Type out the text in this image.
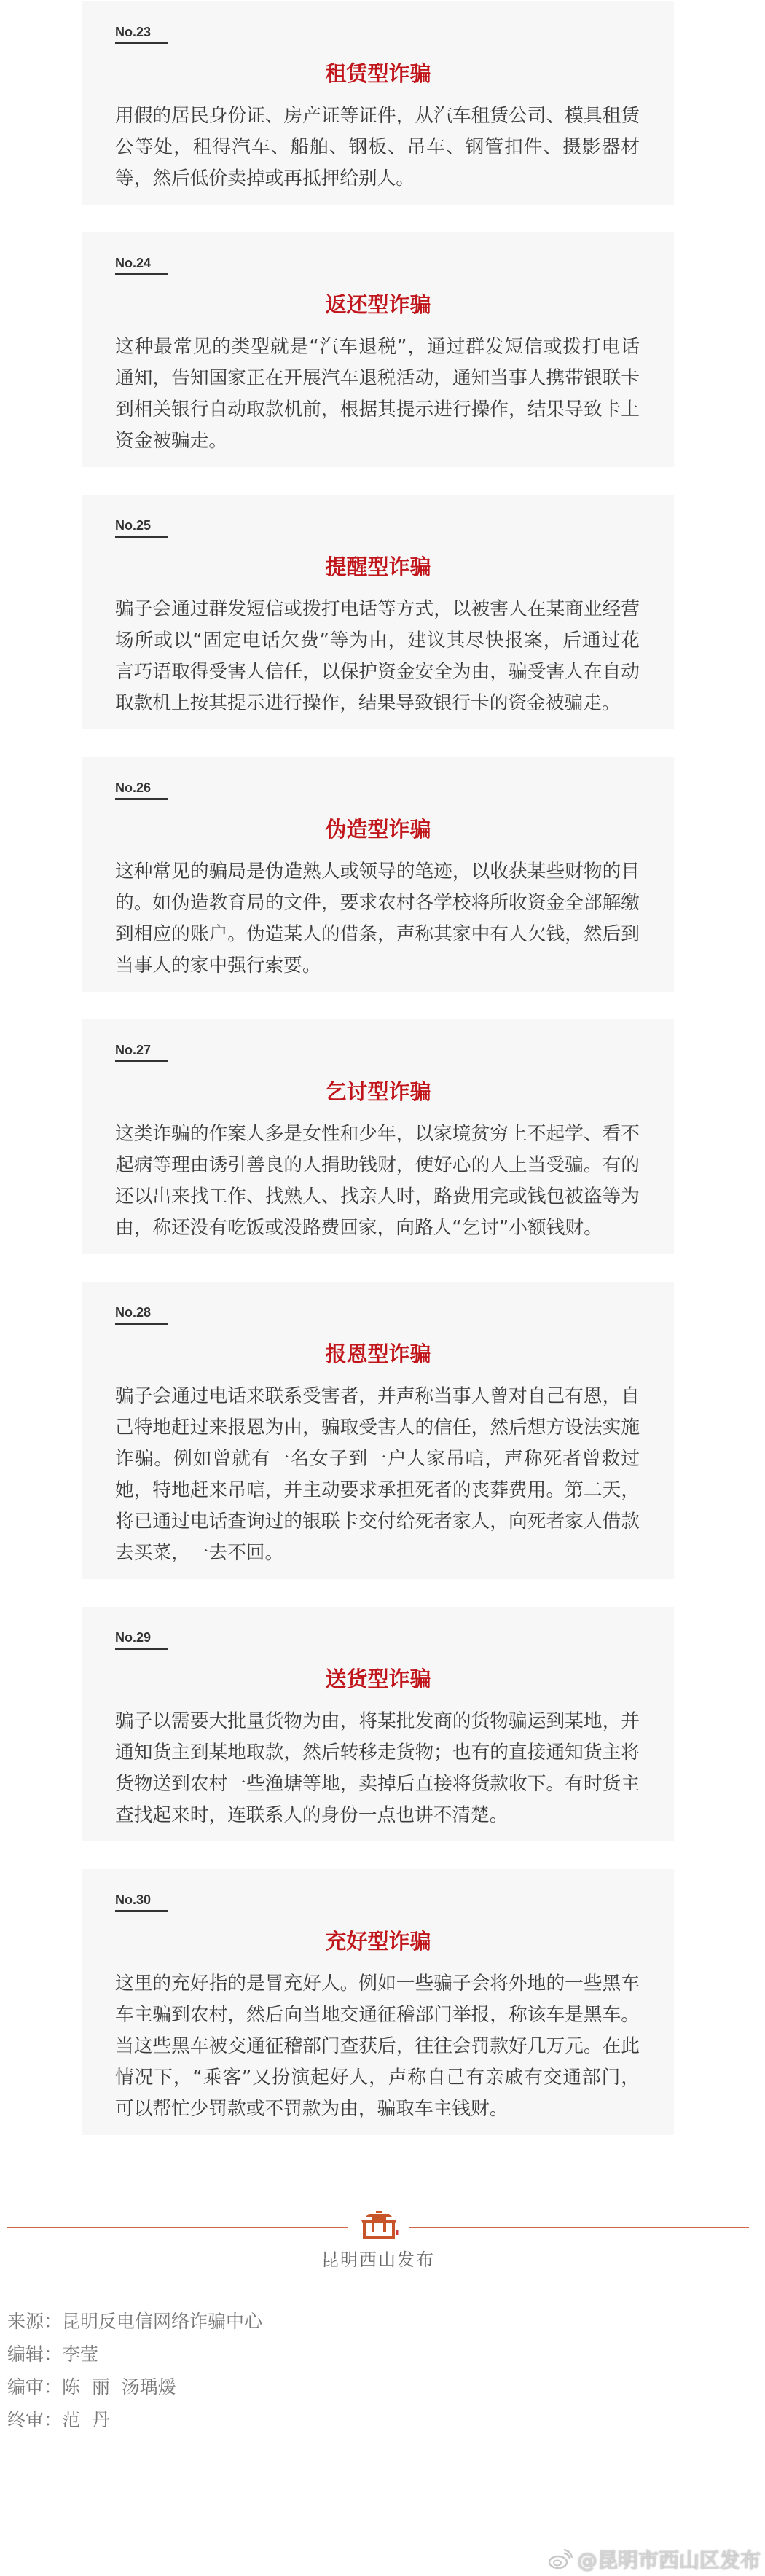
No.23
租赁型诈骗
用假的居民身份证、房产证等证件，从汽车租赁公司、模具租赁公等处，租得汽车、船舶、钢板、吊车、钢管扣件、摄影器材等，然后低价卖掉或再抵押给别人。
No.24
返还型诈骗
这种最常见的类型就是“汽车退税”，通过群发短信或拨打电话通知，告知国家正在开展汽车退税活动，通知当事人携带银联卡到相关银行自动取款机前，根据其提示进行操作，结果导致卡上资金被骗走。
No.25
提醒型诈骗
骗子会通过群发短信或拨打电话等方式，以被害人在某商业经营场所或以“固定电话欠费”等为由，建议其尽快报案，后通过花言巧语取得受害人信任，以保护资金安全为由，骗受害人在自动取款机上按其提示进行操作，结果导致银行卡的资金被骗走。
No.26
伪造型诈骗
这种常见的骗局是伪造熟人或领导的笔迹，以收获某些财物的目的。如伪造教育局的文件，要求农村各学校将所收资金全部解缴到相应的账户。伪造某人的借条，声称其家中有人欠钱，然后到当事人的家中强行索要。
No.27
乞讨型诈骗
这类诈骗的作案人多是女性和少年，以家境贫穷上不起学、看不起病等理由诱引善良的人捐助钱财，使好心的人上当受骗。有的还以出来找工作、找熟人、找亲人时，路费用完或钱包被盗等为由，称还没有吃饭或没路费回家，向路人“乞讨”小额钱财。
No.28
报恩型诈骗
骗子会通过电话来联系受害者，并声称当事人曾对自己有恩，自己特地赶过来报恩为由，骗取受害人的信任，然后想方设法实施诈骗。例如曾就有一名女子到一户人家吊唁，声称死者曾救过她，特地赶来吊唁，并主动要求承担死者的丧葬费用。第二天，将已通过电话查询过的银联卡交付给死者家人，向死者家人借款去买菜，一去不回。
No.29
送货型诈骗
骗子以需要大批量货物为由，将某批发商的货物骗运到某地，并通知货主到某地取款，然后转移走货物；也有的直接通知货主将货物送到农村一些渔塘等地，卖掉后直接将货款收下。有时货主查找起来时，连联系人的身份一点也讲不清楚。
No.30
充好型诈骗
这里的充好指的是冒充好人。例如一些骗子会将外地的一些黑车车主骗到农村，然后向当地交通征稽部门举报，称该车是黑车。当这些黑车被交通征稽部门查获后，往往会罚款好几万元。在此情况下，“乘客”又扮演起好人，声称自己有亲戚有交通部门，可以帮忙少罚款或不罚款为由，骗取车主钱财。
昆明西山发布
来源：昆明反电信网络诈骗中心
编辑：李莹
编审：陈  丽  汤瑀煖
终审：范  丹
@昆明市西山区发布
